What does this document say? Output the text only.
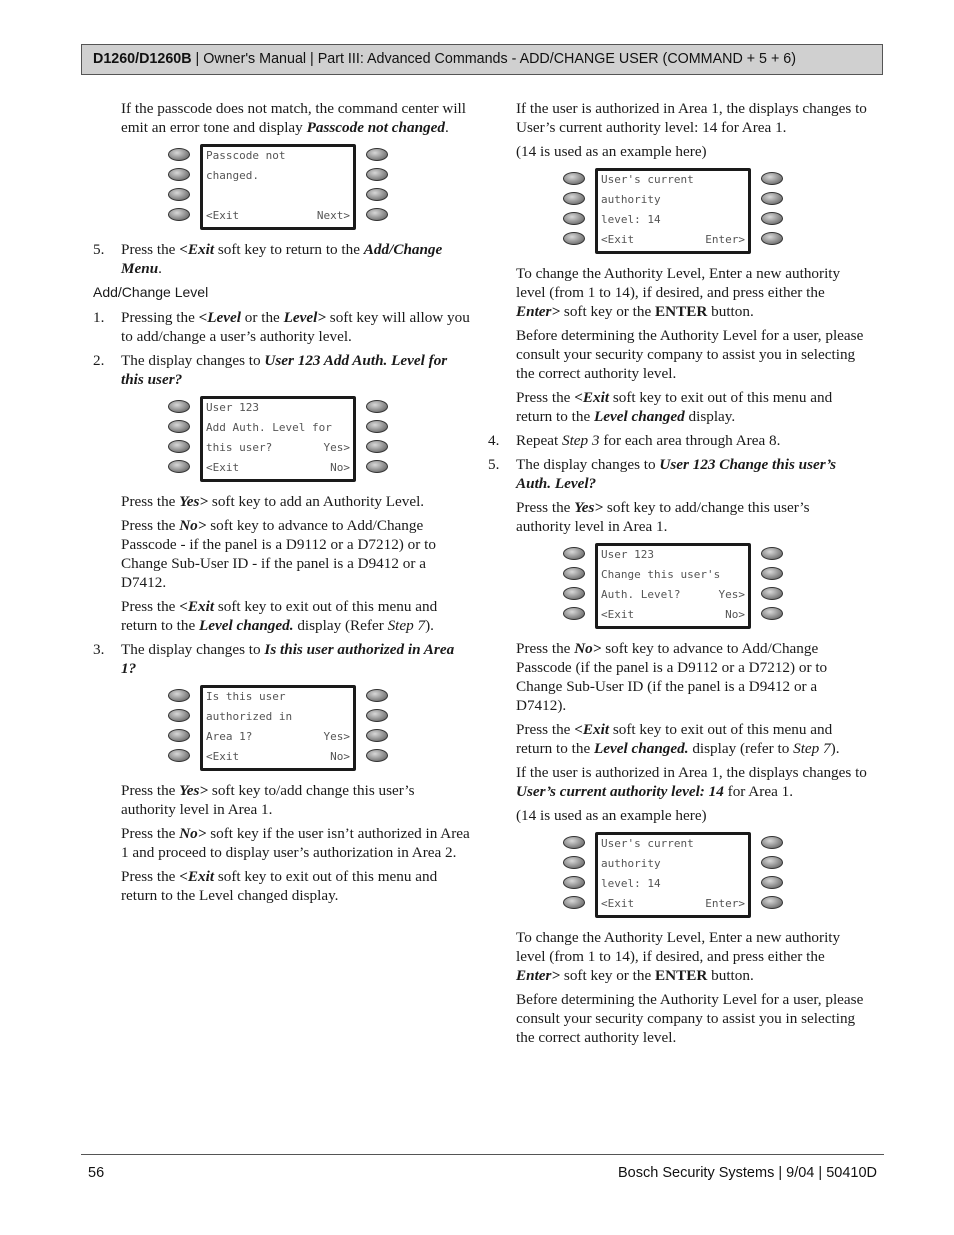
D1260/D1260B | Owner's Manual | Part III: Advanced Commands - ADD/CHANGE USER (COMMAND + 5 + 6)

If the passcode does not match, the command center will emit an error tone and display Passcode not changed.

Passcode not
changed.
<Exit	Next>
5. Press the <Exit soft key to return to the Add/Change Menu.
Add/Change Level
1. Pressing the <Level or the Level> soft key will allow you to add/change a user’s authority level.
2. The display changes to User 123 Add Auth. Level for this user?
User 123
Add Auth. Level for
this user?	Yes>
<Exit	No>

Press the Yes> soft key to add an Authority Level.

Press the No> soft key to advance to Add/Change Passcode - if the panel is a D9112 or a D7212) or to Change Sub-User ID - if the panel is a D9412 or a D7412.

Press the <Exit soft key to exit out of this menu and return to the Level changed. display (Refer Step 7).

3. The display changes to Is this user authorized in Area 1?
Is this user
authorized in
Area 1?	Yes>
<Exit	No>

Press the Yes> soft key to/add change this user’s authority level in Area 1.

Press the No> soft key if the user isn’t authorized in Area 1 and proceed to display user’s authorization in Area 2.

Press the <Exit soft key to exit out of this menu and return to the Level changed display.

If the user is authorized in Area 1, the displays changes to User’s current authority level: 14 for Area 1.

(14 is used as an example here)

User's current
authority
level: 14
<Exit	Enter>

To change the Authority Level, Enter a new authority level (from 1 to 14), if desired, and press either the Enter> soft key or the ENTER button.

Before determining the Authority Level for a user, please consult your security company to assist you in selecting the correct authority level.

Press the <Exit soft key to exit out of this menu and return to the Level changed display.

4. Repeat Step 3 for each area through Area 8.
5. The display changes to User 123 Change this user’s Auth. Level?

Press the Yes> soft key to add/change this user’s authority level in Area 1.

User 123
Change this user's
Auth. Level?	Yes>
<Exit	No>

Press the No> soft key to advance to Add/Change Passcode (if the panel is a D9112 or a D7212) or to Change Sub-User ID (if the panel is a D9412 or a D7412).

Press the <Exit soft key to exit out of this menu and return to the Level changed. display (refer to Step 7).

If the user is authorized in Area 1, the displays changes to User’s current authority level: 14 for Area 1.

(14 is used as an example here)

User's current
authority
level: 14
<Exit	Enter>

To change the Authority Level, Enter a new authority level (from 1 to 14), if desired, and press either the Enter> soft key or the ENTER button.

Before determining the Authority Level for a user, please consult your security company to assist you in selecting the correct authority level.

56	Bosch Security Systems | 9/04 | 50410D
